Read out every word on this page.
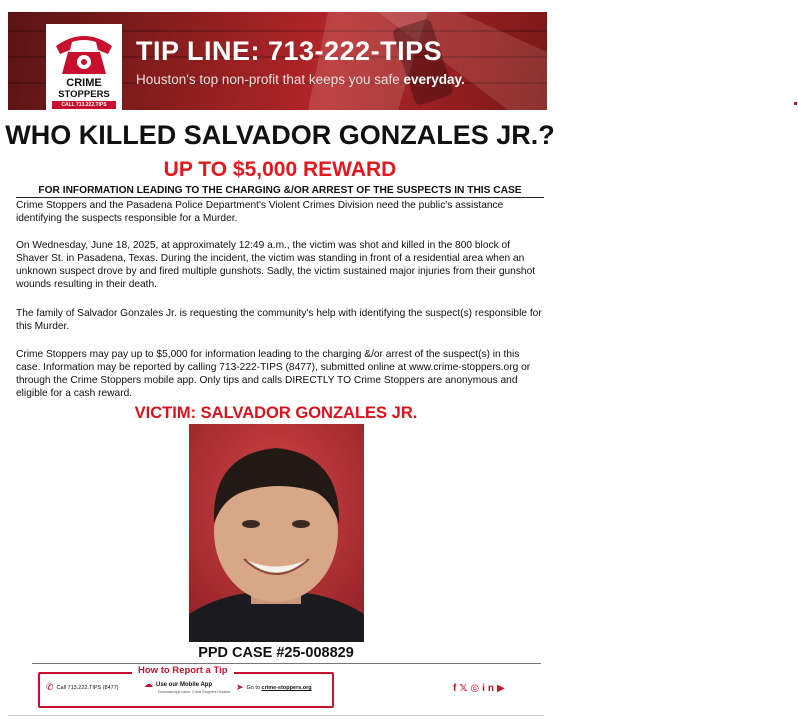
CRIME
STOPPERS
CALL 713.222.TIPS
TIP LINE: 713-222-TIPS
Houston's top non-profit that keeps you safe everyday.
WHO KILLED SALVADOR GONZALES JR.?
UP TO $5,000 REWARD
FOR INFORMATION LEADING TO THE CHARGING &/OR ARREST OF THE SUSPECTS IN THIS CASE

Crime Stoppers and the Pasadena Police Department's Violent Crimes Division need the public's assistance identifying the suspects responsible for a Murder.

On Wednesday, June 18, 2025, at approximately 12:49 a.m., the victim was shot and killed in the 800 block of Shaver St. in Pasadena, Texas. During the incident, the victim was standing in front of a residential area when an unknown suspect drove by and fired multiple gunshots. Sadly, the victim sustained major injuries from their gunshot wounds resulting in their death.

The family of Salvador Gonzales Jr. is requesting the community's help with identifying the suspect(s) responsible for this Murder.

Crime Stoppers may pay up to $5,000 for information leading to the charging &/or arrest of the suspect(s) in this case. Information may be reported by calling 713-222-TIPS (8477), submitted online at www.crime-stoppers.org or through the Crime Stoppers mobile app. Only tips and calls DIRECTLY TO Crime Stoppers are anonymous and eligible for a cash reward.

VICTIM: SALVADOR GONZALES JR.
PPD CASE #25-008829
How to Report a Tip
✆ Call 713.222.TIPS (8477)	☁ Use our Mobile App
Download app name: Crime Stoppers Houston ➤ Go to crime-stoppers.org	f𝕏◎in▶
